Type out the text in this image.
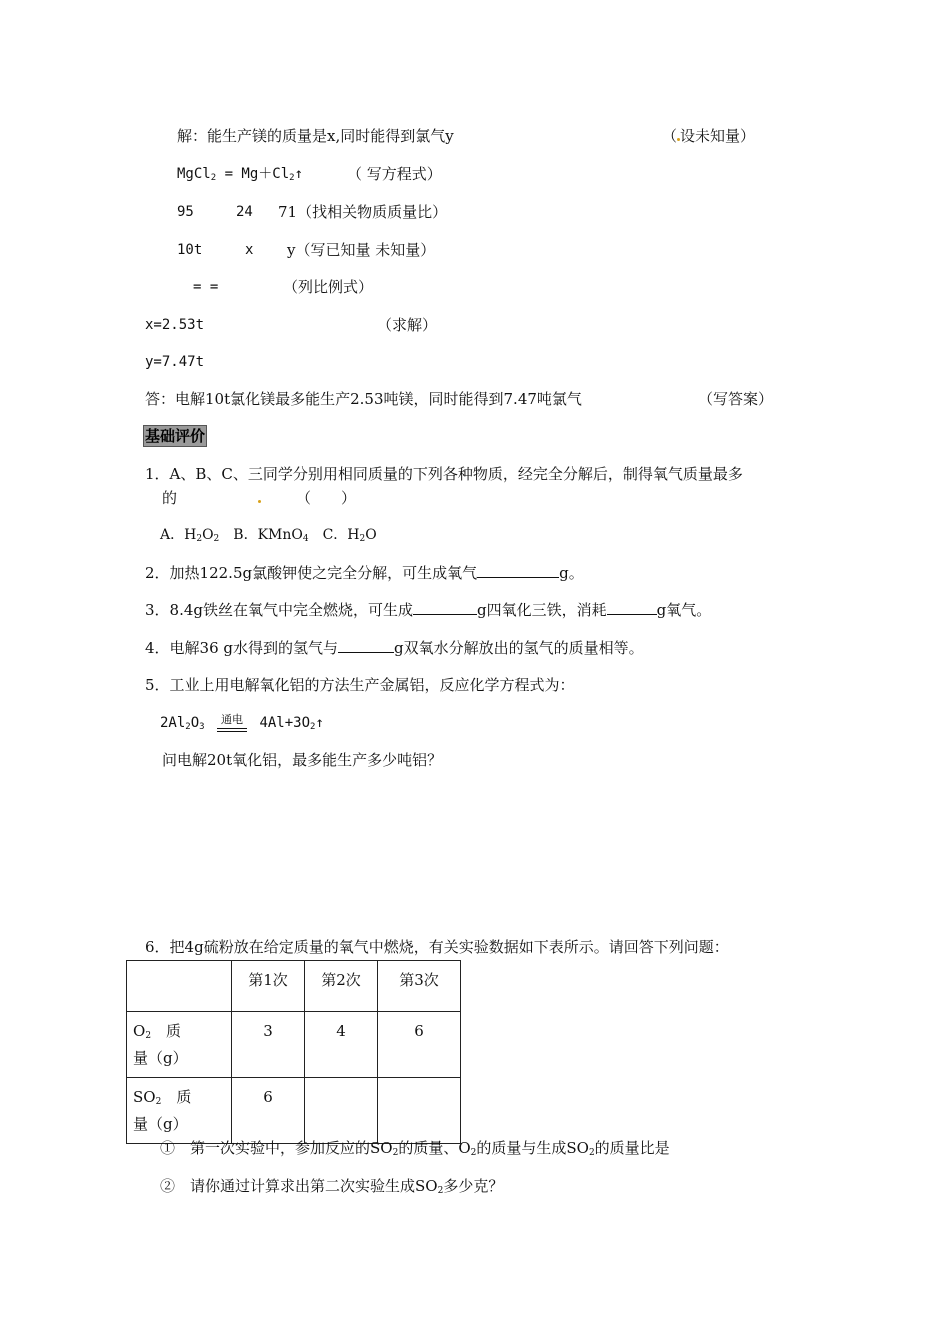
解：能生产镁的质量是x,同时能得到氯气y	（ 设未知量）
MgCl$_2$ = $Mg+Cl_2↑$	（ 写方程式）
95	24 71（找相关物质质量比）
10t	x y（写已知量 未知量）
= =	（列比例式）
x=2.53t	（求解）
y=7.47t
答：电解10t氯化镁最多能生产2.53吨镁，同时能得到7.47吨氯气	（写答案）
基础评价
1．A、B、C、三同学分别用相同质量的下列各种物质，经完全分解后，制得氧气质量最多
的	（　　）
A．$H_2O_2$　B．KMnO$_4$　C．$H_2O$
2．加热122.5g氯酸钾使之完全分解，可生成氧气	g。
3．8.4g铁丝在氧气中完全燃烧，可生成	g四氧化三铁，消耗	g氧气。
4．电解36 g水得到的氢气与	g双氧水分解放出的氢气的质量相等。
5．工业上用电解氧化铝的方法生产金属铝，反应化学方程式为：
$2Al_2O_3$
通电 $4Al+3O_2↑$
问电解20t氧化铝，最多能生产多少吨铝？
6．把4g硫粉放在给定质量的氧气中燃烧，有关实验数据如下表所示。请回答下列问题：
	第1次	第2次	第3次
$O_2$　质　　量（g）	3	4	6
$SO_2$　质　　量（g）	6		
①　第一次实验中，参加反应的$SO_2$的质量、$O_2$的质量与生成$SO_2$的质量比是
②　请你通过计算求出第二次实验生成$SO_2$多少克？
